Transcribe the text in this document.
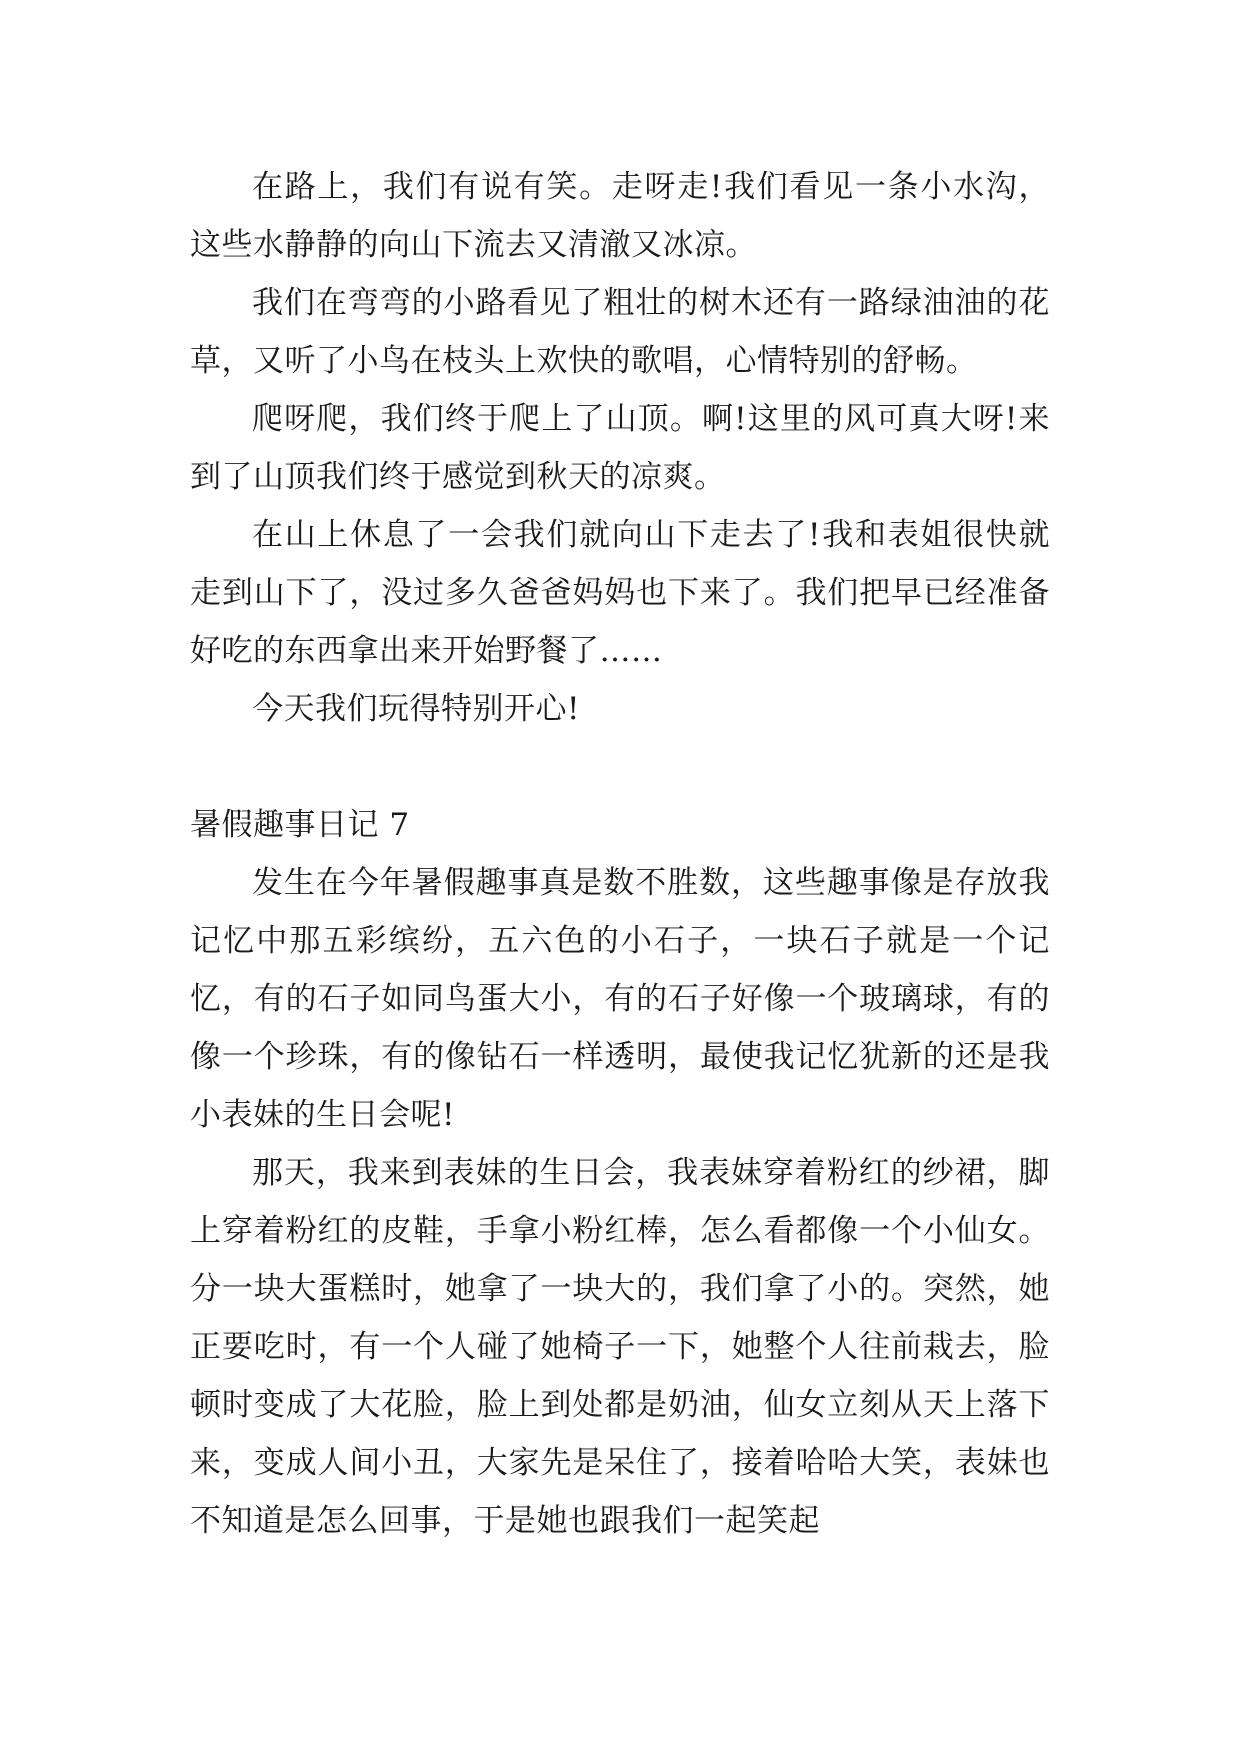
在路上，我们有说有笑。走呀走!我们看见一条小水沟，这些水静静的向山下流去又清澈又冰凉。

我们在弯弯的小路看见了粗壮的树木还有一路绿油油的花草，又听了小鸟在枝头上欢快的歌唱，心情特别的舒畅。

爬呀爬，我们终于爬上了山顶。啊!这里的风可真大呀!来到了山顶我们终于感觉到秋天的凉爽。

在山上休息了一会我们就向山下走去了!我和表姐很快就走到山下了，没过多久爸爸妈妈也下来了。我们把早已经准备好吃的东西拿出来开始野餐了……

今天我们玩得特别开心!

暑假趣事日记 7

发生在今年暑假趣事真是数不胜数，这些趣事像是存放我记忆中那五彩缤纷，五六色的小石子，一块石子就是一个记忆，有的石子如同鸟蛋大小，有的石子好像一个玻璃球，有的像一个珍珠，有的像钻石一样透明，最使我记忆犹新的还是我小表妹的生日会呢!

那天，我来到表妹的生日会，我表妹穿着粉红的纱裙，脚上穿着粉红的皮鞋，手拿小粉红棒，怎么看都像一个小仙女。分一块大蛋糕时，她拿了一块大的，我们拿了小的。突然，她正要吃时，有一个人碰了她椅子一下，她整个人往前栽去，脸顿时变成了大花脸，脸上到处都是奶油，仙女立刻从天上落下来，变成人间小丑，大家先是呆住了，接着哈哈大笑，表妹也不知道是怎么回事，于是她也跟我们一起笑起
